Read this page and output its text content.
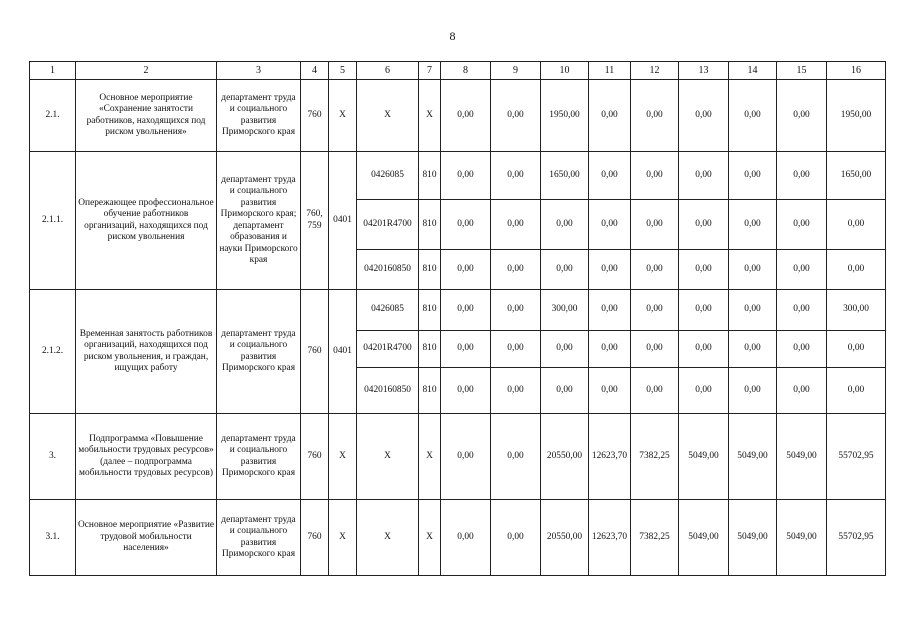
8
1	2	3	4	5	6	7	8	9	10	11	12	13	14	15	16
2.1.	Основное мероприятие «Сохранение занятости работников, находящихся под риском увольнения»	департамент труда и социального развития Приморского края	760	X	X	X	0,00	0,00	1950,00	0,00	0,00	0,00	0,00	0,00	1950,00
2.1.1.	Опережающее профессиональное обучение работников организаций, находящихся под риском увольнения	департамент труда и социального развития Приморского края; департамент образования и науки Приморского края	760, 759	0401	0426085	810	0,00	0,00	1650,00	0,00	0,00	0,00	0,00	0,00	1650,00
					04201R4700	810	0,00	0,00	0,00	0,00	0,00	0,00	0,00	0,00	0,00
					0420160850	810	0,00	0,00	0,00	0,00	0,00	0,00	0,00	0,00	0,00
2.1.2.	Временная занятость работников организаций, находящихся под риском увольнения, и граждан, ищущих работу	департамент труда и социального развития Приморского края	760	0401	0426085	810	0,00	0,00	300,00	0,00	0,00	0,00	0,00	0,00	300,00
					04201R4700	810	0,00	0,00	0,00	0,00	0,00	0,00	0,00	0,00	0,00
					0420160850	810	0,00	0,00	0,00	0,00	0,00	0,00	0,00	0,00	0,00
3.	Подпрограмма «Повышение мобильности трудовых ресурсов» (далее – подпрограмма мобильности трудовых ресурсов)	департамент труда и социального развития Приморского края	760	X	X	X	0,00	0,00	20550,00	12623,70	7382,25	5049,00	5049,00	5049,00	55702,95
3.1.	Основное мероприятие «Развитие трудовой мобильности населения»	департамент труда и социального развития Приморского края	760	X	X	X	0,00	0,00	20550,00	12623,70	7382,25	5049,00	5049,00	5049,00	55702,95
